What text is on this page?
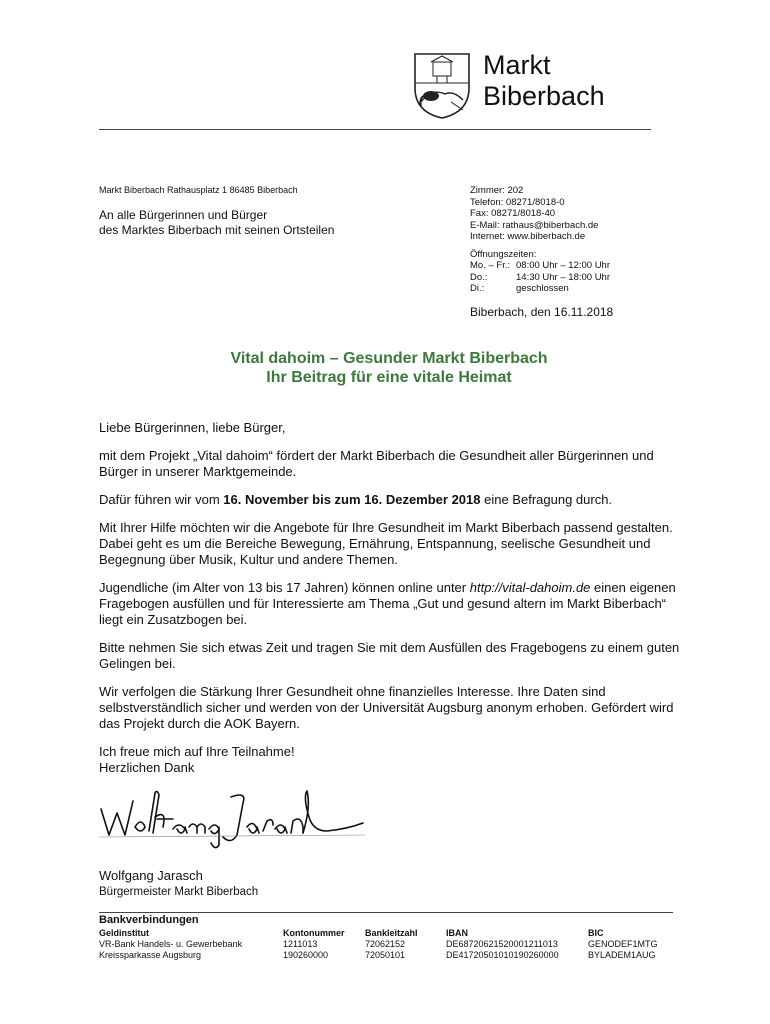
Markt
Biberbach
Markt Biberbach Rathausplatz 1 86485 Biberbach
An alle Bürgerinnen und Bürger
des Marktes Biberbach mit seinen Ortsteilen
Zimmer: 202
Telefon: 08271/8018-0
Fax: 08271/8018-40
E-Mail: rathaus@biberbach.de
Internet: www.biberbach.de
Öffnungszeiten:
Mo. – Fr.: 08:00 Uhr – 12:00 Uhr
Do.:	14:30 Uhr – 18:00 Uhr
Di.:	geschlossen
Biberbach, den 16.11.2018
Vital dahoim – Gesunder Markt Biberbach
Ihr Beitrag für eine vitale Heimat

Liebe Bürgerinnen, liebe Bürger,

mit dem Projekt „Vital dahoim“ fördert der Markt Biberbach die Gesundheit aller Bürgerinnen und Bürger in unserer Marktgemeinde.

Dafür führen wir vom 16. November bis zum 16. Dezember 2018 eine Befragung durch.

Mit Ihrer Hilfe möchten wir die Angebote für Ihre Gesundheit im Markt Biberbach passend gestalten. Dabei geht es um die Bereiche Bewegung, Ernährung, Entspannung, seelische Gesundheit und Begegnung über Musik, Kultur und andere Themen.

Jugendliche (im Alter von 13 bis 17 Jahren) können online unter http://vital-dahoim.de einen eigenen Fragebogen ausfüllen und für Interessierte am Thema „Gut und gesund altern im Markt Biberbach“ liegt ein Zusatzbogen bei.

Bitte nehmen Sie sich etwas Zeit und tragen Sie mit dem Ausfüllen des Fragebogens zu einem guten Gelingen bei.

Wir verfolgen die Stärkung Ihrer Gesundheit ohne finanzielles Interesse. Ihre Daten sind selbstverständlich sicher und werden von der Universität Augsburg anonym erhoben. Gefördert wird das Projekt durch die AOK Bayern.

Ich freue mich auf Ihre Teilnahme!
Herzlichen Dank
Wolfgang Jarasch
Bürgermeister Markt Biberbach
Bankverbindungen
Geldinstitut
VR-Bank Handels- u. Gewerbebank
Kreissparkasse Augsburg
Kontonummer
1211013
190260000
Bankleitzahl
72062152
72050101
IBAN
DE68720621520001211013
DE41720501010190260000
BIC
GENODEF1MTG
BYLADEM1AUG
